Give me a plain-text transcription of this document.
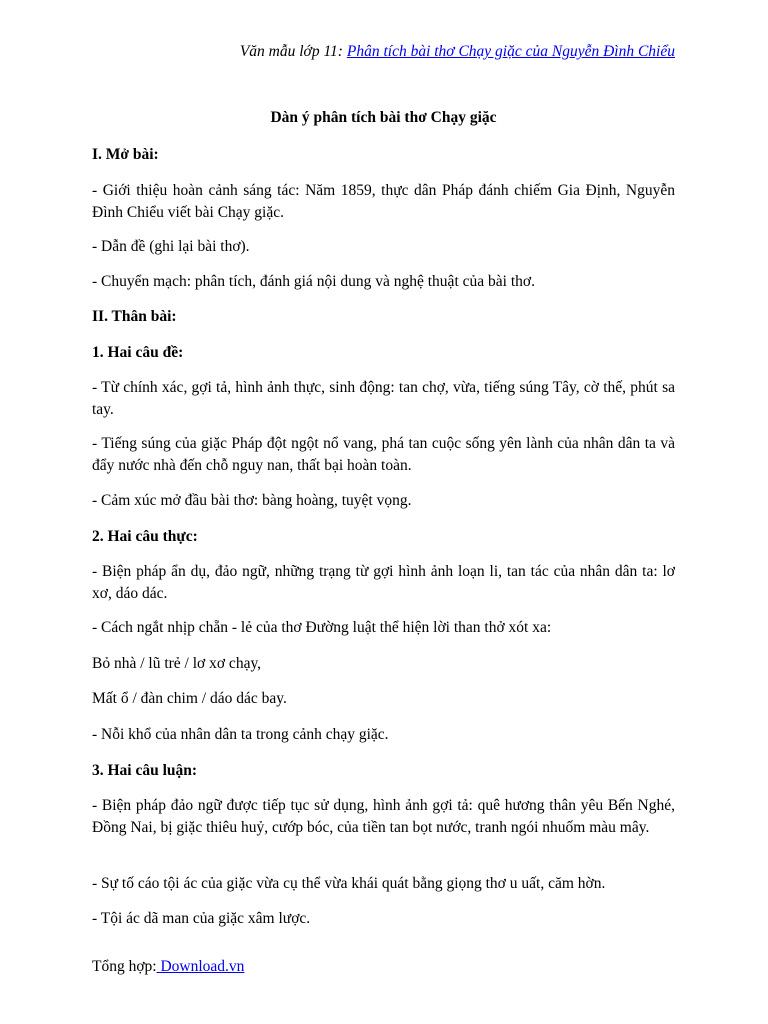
Văn mẫu lớp 11: Phân tích bài thơ Chạy giặc của Nguyễn Đình Chiểu
Dàn ý phân tích bài thơ Chạy giặc
I. Mở bài:
- Giới thiệu hoàn cảnh sáng tác: Năm 1859, thực dân Pháp đánh chiếm Gia Định, Nguyễn Đình Chiểu viết bài Chạy giặc.
- Dẫn đề (ghi lại bài thơ).
- Chuyển mạch: phân tích, đánh giá nội dung và nghệ thuật của bài thơ.
II. Thân bài:
1. Hai câu đề:
- Từ chính xác, gợi tả, hình ảnh thực, sinh động: tan chợ, vừa, tiếng súng Tây, cờ thế, phút sa tay.
- Tiếng súng của giặc Pháp đột ngột nổ vang, phá tan cuộc sống yên lành của nhân dân ta và đẩy nước nhà đến chỗ nguy nan, thất bại hoàn toàn.
- Cảm xúc mở đầu bài thơ: bàng hoàng, tuyệt vọng.
2. Hai câu thực:
- Biện pháp ẩn dụ, đảo ngữ, những trạng từ gợi hình ảnh loạn li, tan tác của nhân dân ta: lơ xơ, dáo dác.
- Cách ngắt nhịp chẵn - lẻ của thơ Đường luật thể hiện lời than thở xót xa:
Bỏ nhà / lũ trẻ / lơ xơ chạy,
Mất ổ / đàn chim / dáo dác bay.
- Nỗi khổ của nhân dân ta trong cảnh chạy giặc.
3. Hai câu luận:
- Biện pháp đảo ngữ được tiếp tục sử dụng, hình ảnh gợi tả: quê hương thân yêu Bến Nghé, Đồng Nai, bị giặc thiêu huỷ, cướp bóc, của tiền tan bọt nước, tranh ngói nhuốm màu mây.
- Sự tố cáo tội ác của giặc vừa cụ thể vừa khái quát bằng giọng thơ u uất, căm hờn.
- Tội ác dã man của giặc xâm lược.
Tổng hợp: Download.vn
